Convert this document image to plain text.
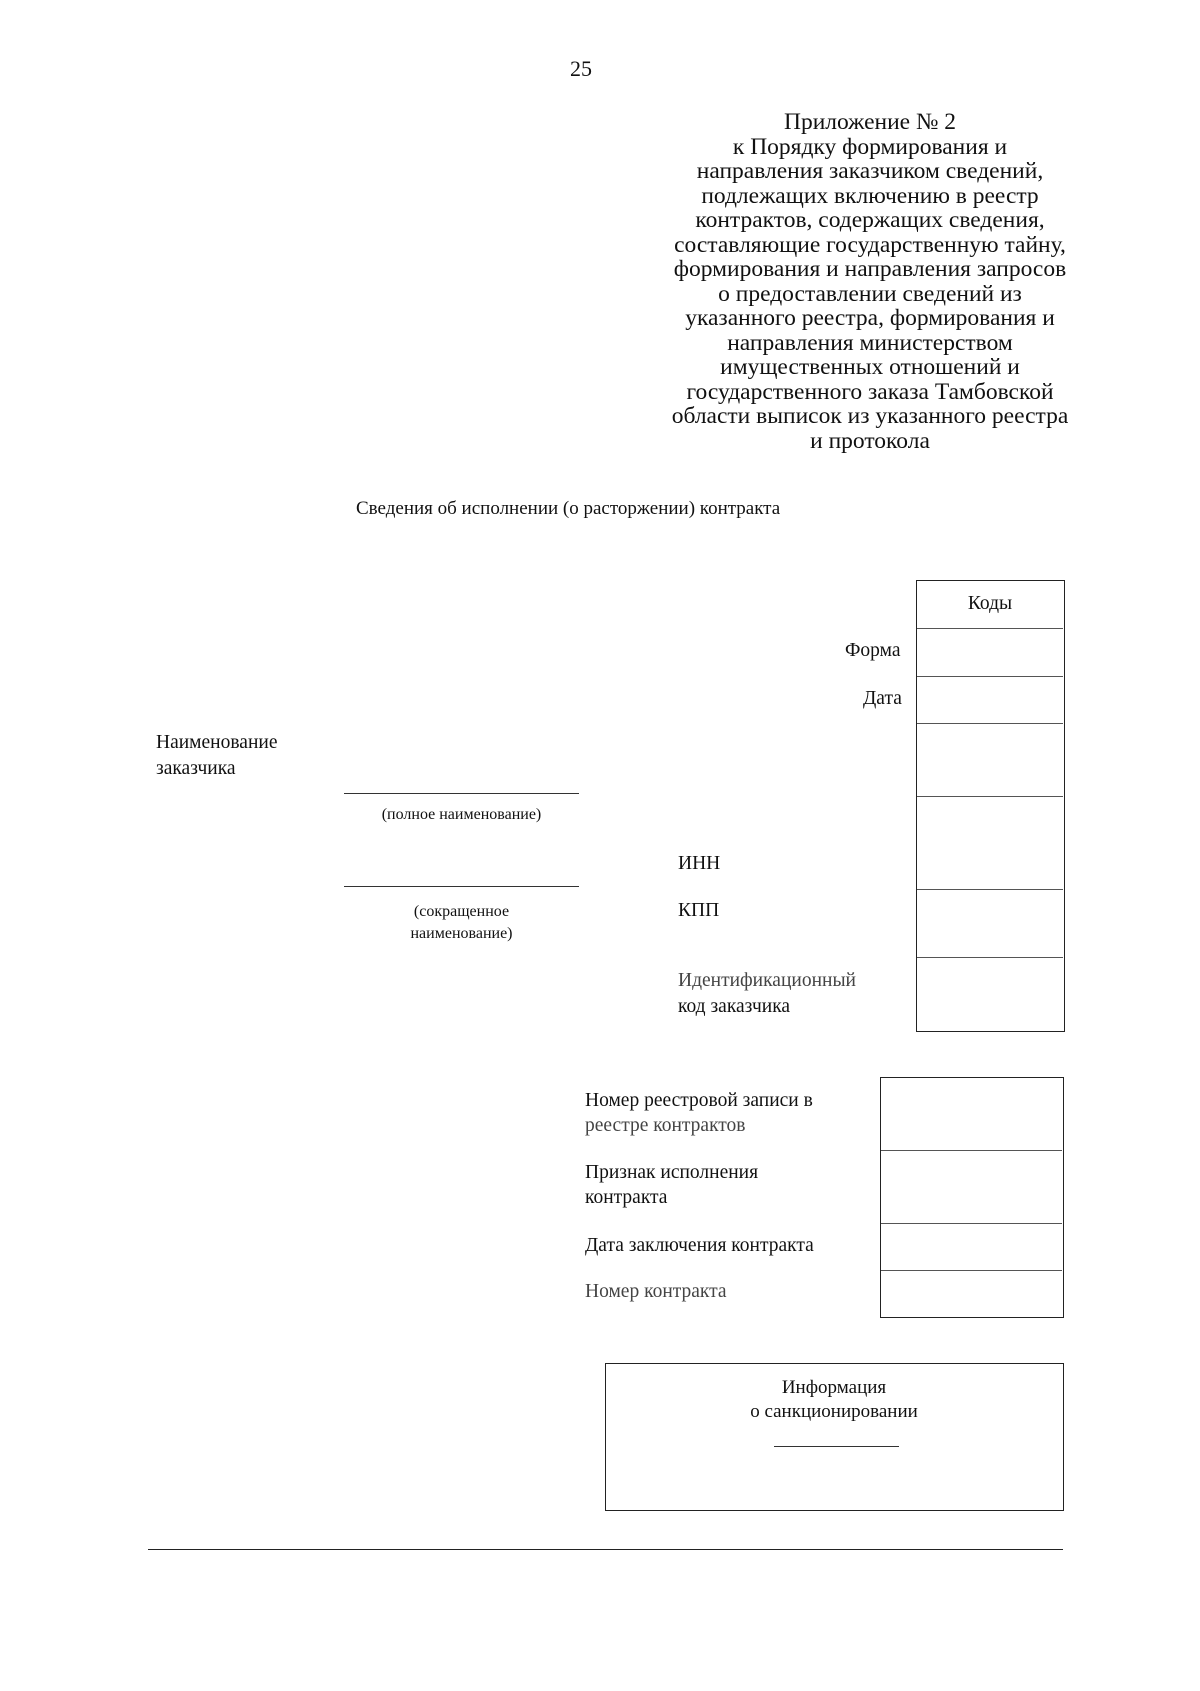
25
Приложение № 2
к Порядку формирования и
направления заказчиком сведений,
подлежащих включению в реестр
контрактов, содержащих сведения,
составляющие государственную тайну,
формирования и направления запросов
о предоставлении сведений из
указанного реестра, формирования и
направления министерством
имущественных отношений и
государственного заказа Тамбовской
области выписок из указанного реестра
и протокола
Сведения об исполнении (о расторжении) контракта
Коды
Форма
Дата
Наименование
заказчика
(полное наименование)
(сокращенное
наименование)
ИНН
КПП
Идентификационный
код заказчика
Номер реестровой записи в
реестре контрактов
Признак исполнения
контракта
Дата заключения контракта
Номер контракта
Информация
о санкционировании
